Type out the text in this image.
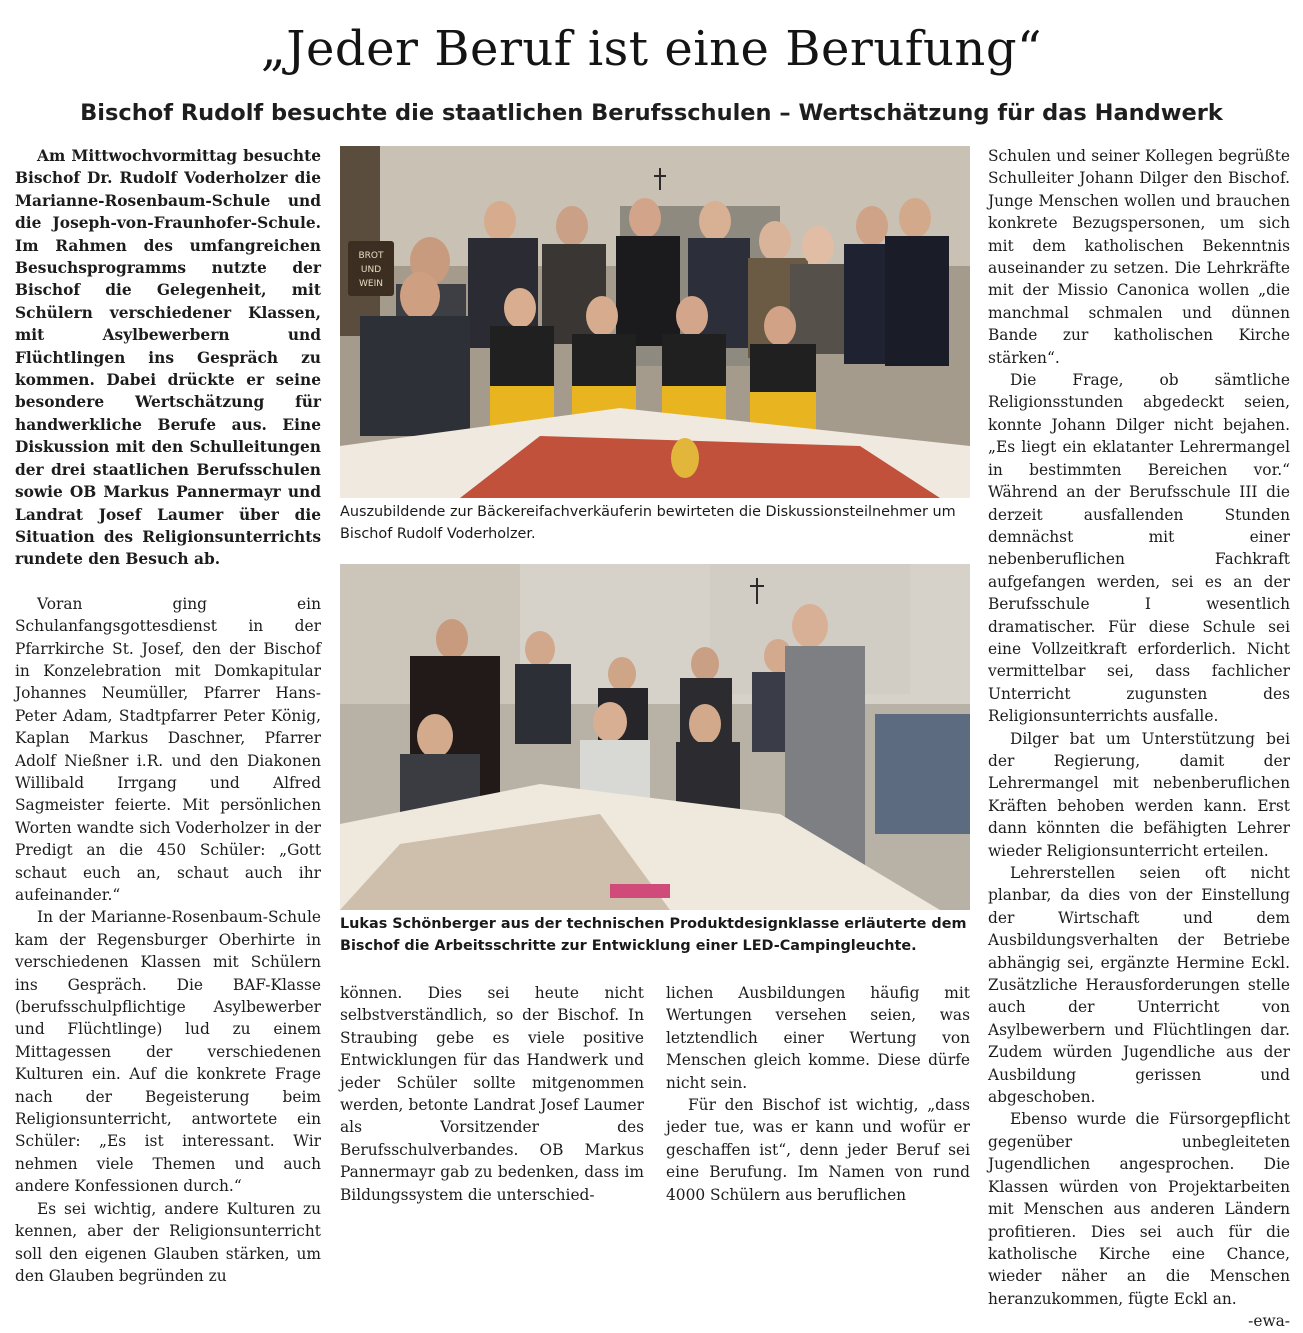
„Jeder Beruf ist eine Berufung“
Bischof Rudolf besuchte die staatlichen Berufsschulen – Wertschätzung für das Handwerk

Am Mittwochvormittag besuchte Bischof Dr. Rudolf Voderholzer die Marianne-Rosenbaum-Schule und die Joseph-von-Fraunhofer-Schule. Im Rahmen des umfangreichen Besuchsprogramms nutzte der Bischof die Gelegenheit, mit Schülern verschiedener Klassen, mit Asylbewerbern und Flüchtlingen ins Gespräch zu kommen. Dabei drückte er seine besondere Wertschätzung für handwerkliche Berufe aus. Eine Diskussion mit den Schulleitungen der drei staatlichen Berufsschulen sowie OB Markus Pannermayr und Landrat Josef Laumer über die Situation des Religionsunterrichts rundete den Besuch ab.

Voran ging ein Schulanfangsgottesdienst in der Pfarrkirche St. Josef, den der Bischof in Konzelebration mit Domkapitular Johannes Neumüller, Pfarrer Hans-Peter Adam, Stadtpfarrer Peter König, Kaplan Markus Daschner, Pfarrer Adolf Nießner i.R. und den Diakonen Willibald Irrgang und Alfred Sagmeister feierte. Mit persönlichen Worten wandte sich Voderholzer in der Predigt an die 450 Schüler: „Gott schaut euch an, schaut auch ihr aufeinander.“

In der Marianne-Rosenbaum-Schule kam der Regensburger Oberhirte in verschiedenen Klassen mit Schülern ins Gespräch. Die BAF-Klasse (berufsschulpflichtige Asylbewerber und Flüchtlinge) lud zu einem Mittagessen der verschiedenen Kulturen ein. Auf die konkrete Frage nach der Begeisterung beim Religionsunterricht, antwortete ein Schüler: „Es ist interessant. Wir nehmen viele Themen und auch andere Konfessionen durch.“

Es sei wichtig, andere Kulturen zu kennen, aber der Religionsunterricht soll den eigenen Glauben stärken, um den Glauben begründen zu

BROT
UND
WEIN
Auszubildende zur Bäckereifachverkäuferin bewirteten die Diskussionsteilnehmer um Bischof Rudolf Voderholzer.
Lukas Schönberger aus der technischen Produktdesignklasse erläuterte dem Bischof die Arbeitsschritte zur Entwicklung einer LED-Campingleuchte.

können. Dies sei heute nicht selbstverständlich, so der Bischof. In Straubing gebe es viele positive Entwicklungen für das Handwerk und jeder Schüler sollte mitgenommen werden, betonte Landrat Josef Laumer als Vorsitzender des Berufsschulverbandes. OB Markus Pannermayr gab zu bedenken, dass im Bildungssystem die unterschied-

lichen Ausbildungen häufig mit Wertungen versehen seien, was letztendlich einer Wertung von Menschen gleich komme. Diese dürfe nicht sein.

Für den Bischof ist wichtig, „dass jeder tue, was er kann und wofür er geschaffen ist“, denn jeder Beruf sei eine Berufung. Im Namen von rund 4000 Schülern aus beruflichen

Schulen und seiner Kollegen begrüßte Schulleiter Johann Dilger den Bischof. Junge Menschen wollen und brauchen konkrete Bezugspersonen, um sich mit dem katholischen Bekenntnis auseinander zu setzen. Die Lehrkräfte mit der Missio Canonica wollen „die manchmal schmalen und dünnen Bande zur katholischen Kirche stärken“.

Die Frage, ob sämtliche Religionsstunden abgedeckt seien, konnte Johann Dilger nicht bejahen. „Es liegt ein eklatanter Lehrermangel in bestimmten Bereichen vor.“ Während an der Berufsschule III die derzeit ausfallenden Stunden demnächst mit einer nebenberuflichen Fachkraft aufgefangen werden, sei es an der Berufsschule I wesentlich dramatischer. Für diese Schule sei eine Vollzeitkraft erforderlich. Nicht vermittelbar sei, dass fachlicher Unterricht zugunsten des Religionsunterrichts ausfalle.

Dilger bat um Unterstützung bei der Regierung, damit der Lehrermangel mit nebenberuflichen Kräften behoben werden kann. Erst dann könnten die befähigten Lehrer wieder Religionsunterricht erteilen.

Lehrerstellen seien oft nicht planbar, da dies von der Einstellung der Wirtschaft und dem Ausbildungsverhalten der Betriebe abhängig sei, ergänzte Hermine Eckl. Zusätzliche Herausforderungen stelle auch der Unterricht von Asylbewerbern und Flüchtlingen dar. Zudem würden Jugendliche aus der Ausbildung gerissen und abgeschoben.

Ebenso wurde die Fürsorgepflicht gegenüber unbegleiteten Jugendlichen angesprochen. Die Klassen würden von Projektarbeiten mit Menschen aus anderen Ländern profitieren. Dies sei auch für die katholische Kirche eine Chance, wieder näher an die Menschen heranzukommen, fügte Eckl an.
-ewa-
